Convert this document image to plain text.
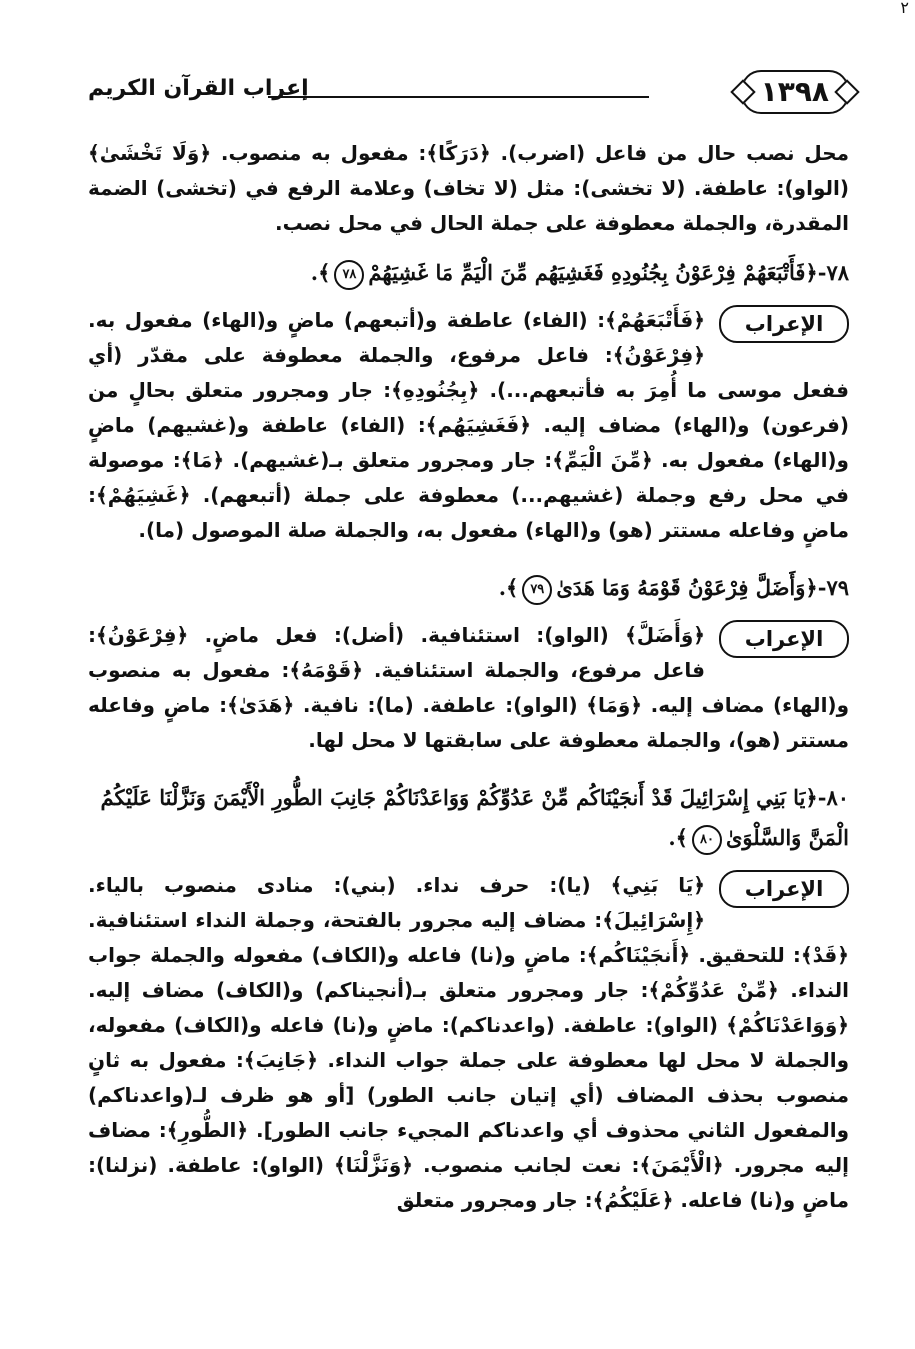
٢
١٣٩٨
إعراب القرآن الكريم

محل نصب حال من فاعل (اضرب). ﴿دَرَكًا﴾: مفعول به منصوب. ﴿وَلَا تَخْشَىٰ﴾ (الواو): عاطفة. (لا تخشى): مثل (لا تخاف) وعلامة الرفع في (تخشى) الضمة المقدرة، والجملة معطوفة على جملة الحال في محل نصب.

٧٨-﴿فَأَتْبَعَهُمْ فِرْعَوْنُ بِجُنُودِهِ فَغَشِيَهُم مِّنَ الْيَمِّ مَا غَشِيَهُمْ٧٨﴾.
الإعراب

﴿فَأَتْبَعَهُمْ﴾: (الفاء) عاطفة و(أتبعهم) ماضٍ و(الهاء) مفعول به. ﴿فِرْعَوْنُ﴾: فاعل مرفوع، والجملة معطوفة على مقدّر (أي ففعل موسى ما أُمِرَ به فأتبعهم...). ﴿بِجُنُودِهِ﴾: جار ومجرور متعلق بحالٍ من (فرعون) و(الهاء) مضاف إليه. ﴿فَغَشِيَهُم﴾: (الفاء) عاطفة و(غشيهم) ماضٍ و(الهاء) مفعول به. ﴿مِّنَ الْيَمِّ﴾: جار ومجرور متعلق بـ(غشيهم). ﴿مَا﴾: موصولة في محل رفع وجملة (غشيهم...) معطوفة على جملة (أتبعهم). ﴿غَشِيَهُمْ﴾: ماضٍ وفاعله مستتر (هو) و(الهاء) مفعول به، والجملة صلة الموصول (ما).

٧٩-﴿وَأَضَلَّ فِرْعَوْنُ قَوْمَهُ وَمَا هَدَىٰ٧٩﴾.
الإعراب

﴿وَأَضَلَّ﴾ (الواو): استئنافية. (أضل): فعل ماضٍ. ﴿فِرْعَوْنُ﴾: فاعل مرفوع، والجملة استئنافية. ﴿قَوْمَهُ﴾: مفعول به منصوب و(الهاء) مضاف إليه. ﴿وَمَا﴾ (الواو): عاطفة. (ما): نافية. ﴿هَدَىٰ﴾: ماضٍ وفاعله مستتر (هو)، والجملة معطوفة على سابقتها لا محل لها.

٨٠-﴿يَا بَنِي إِسْرَائِيلَ قَدْ أَنجَيْنَاكُم مِّنْ عَدُوِّكُمْ وَوَاعَدْنَاكُمْ جَانِبَ الطُّورِ الْأَيْمَنَ وَنَزَّلْنَا عَلَيْكُمُ الْمَنَّ وَالسَّلْوَىٰ٨٠﴾.
الإعراب

﴿يَا بَنِي﴾ (يا): حرف نداء. (بني): منادى منصوب بالياء. ﴿إِسْرَائِيلَ﴾: مضاف إليه مجرور بالفتحة، وجملة النداء استئنافية. ﴿قَدْ﴾: للتحقيق. ﴿أَنجَيْنَاكُم﴾: ماضٍ و(نا) فاعله و(الكاف) مفعوله والجملة جواب النداء. ﴿مِّنْ عَدُوِّكُمْ﴾: جار ومجرور متعلق بـ(أنجيناكم) و(الكاف) مضاف إليه. ﴿وَوَاعَدْنَاكُمْ﴾ (الواو): عاطفة. (واعدناكم): ماضٍ و(نا) فاعله و(الكاف) مفعوله، والجملة لا محل لها معطوفة على جملة جواب النداء. ﴿جَانِبَ﴾: مفعول به ثانٍ منصوب بحذف المضاف (أي إتيان جانب الطور) [أو هو ظرف لـ(واعدناكم) والمفعول الثاني محذوف أي واعدناكم المجيء جانب الطور]. ﴿الطُّورِ﴾: مضاف إليه مجرور. ﴿الْأَيْمَنَ﴾: نعت لجانب منصوب. ﴿وَنَزَّلْنَا﴾ (الواو): عاطفة. (نزلنا): ماضٍ و(نا) فاعله. ﴿عَلَيْكُمُ﴾: جار ومجرور متعلق
